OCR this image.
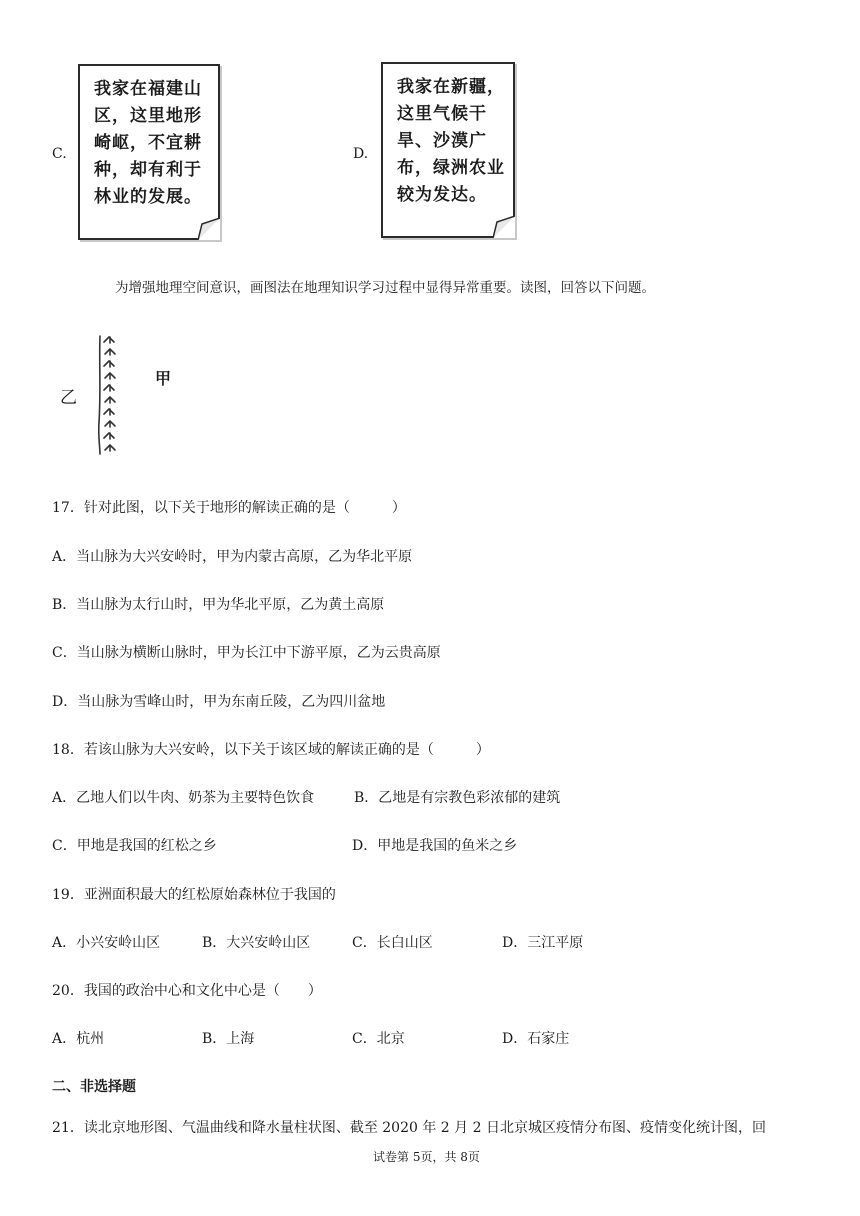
C.
我家在福建山
区，这里地形
崎岖，不宜耕
种，却有利于
林业的发展。
D.
我家在新疆，
这里气候干
旱、沙漠广
布，绿洲农业
较为发达。
为增强地理空间意识，画图法在地理知识学习过程中显得异常重要。读图，回答以下问题。
乙
甲
17．针对此图，以下关于地形的解读正确的是（　　　）
A．当山脉为大兴安岭时，甲为内蒙古高原，乙为华北平原
B．当山脉为太行山时，甲为华北平原，乙为黄土高原
C．当山脉为横断山脉时，甲为长江中下游平原，乙为云贵高原
D．当山脉为雪峰山时，甲为东南丘陵，乙为四川盆地
18．若该山脉为大兴安岭，以下关于该区域的解读正确的是（　　　）
A．乙地人们以牛肉、奶茶为主要特色饮食	B．乙地是有宗教色彩浓郁的建筑
C．甲地是我国的红松之乡	D．甲地是我国的鱼米之乡
19．亚洲面积最大的红松原始森林位于我国的
A．小兴安岭山区	B．大兴安岭山区	C．长白山区	D．三江平原
20．我国的政治中心和文化中心是（　　）
A．杭州	B．上海	C．北京	D．石家庄
二、非选择题
21．读北京地形图、气温曲线和降水量柱状图、截至 2020 年 2 月 2 日北京城区疫情分布图、疫情变化统计图，回
试卷第 5页，共 8页
